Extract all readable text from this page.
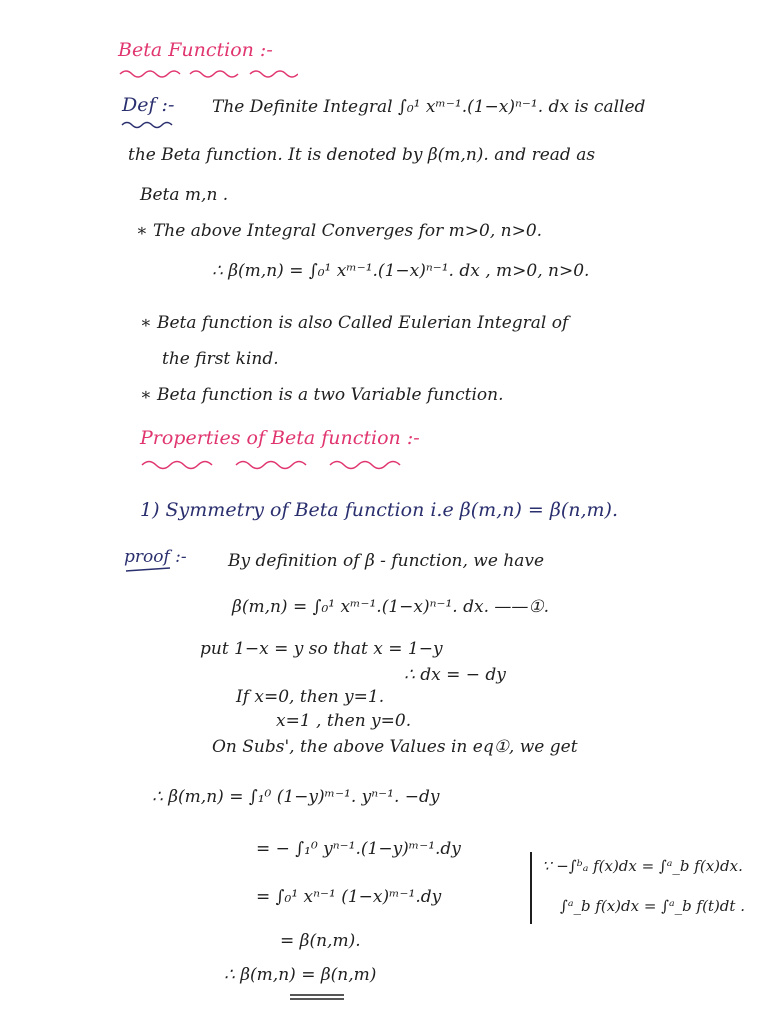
Beta Function :-
Def :- The Definite Integral ∫₀¹ xᵐ⁻¹.(1−x)ⁿ⁻¹. dx is called
the Beta function. It is denoted by β(m,n). and read as
Beta m,n .
∗ The above Integral Converges for m>0, n>0.
∴ β(m,n) = ∫₀¹ xᵐ⁻¹.(1−x)ⁿ⁻¹. dx , m>0, n>0.
∗ Beta function is also Called Eulerian Integral of
the first kind.
∗ Beta function is a two Variable function.
Properties of Beta function :-
1) Symmetry of Beta function i.e β(m,n) = β(n,m).
proof :- By definition of β - function, we have
β(m,n) = ∫₀¹ xᵐ⁻¹.(1−x)ⁿ⁻¹. dx. ——①.
put 1−x = y so that x = 1−y
∴ dx = − dy
If x=0, then y=1.
x=1 , then y=0.
On Subs', the above Values in eq①, we get
∴ β(m,n) = ∫₁⁰ (1−y)ᵐ⁻¹. yⁿ⁻¹. −dy
= − ∫₁⁰ yⁿ⁻¹.(1−y)ᵐ⁻¹.dy
= ∫₀¹ xⁿ⁻¹ (1−x)ᵐ⁻¹.dy
= β(n,m).
∴ β(m,n) = β(n,m)
∵ −∫ᵇₐ f(x)dx = ∫ᵃ_b f(x)dx.
∫ᵃ_b f(x)dx = ∫ᵃ_b f(t)dt .
